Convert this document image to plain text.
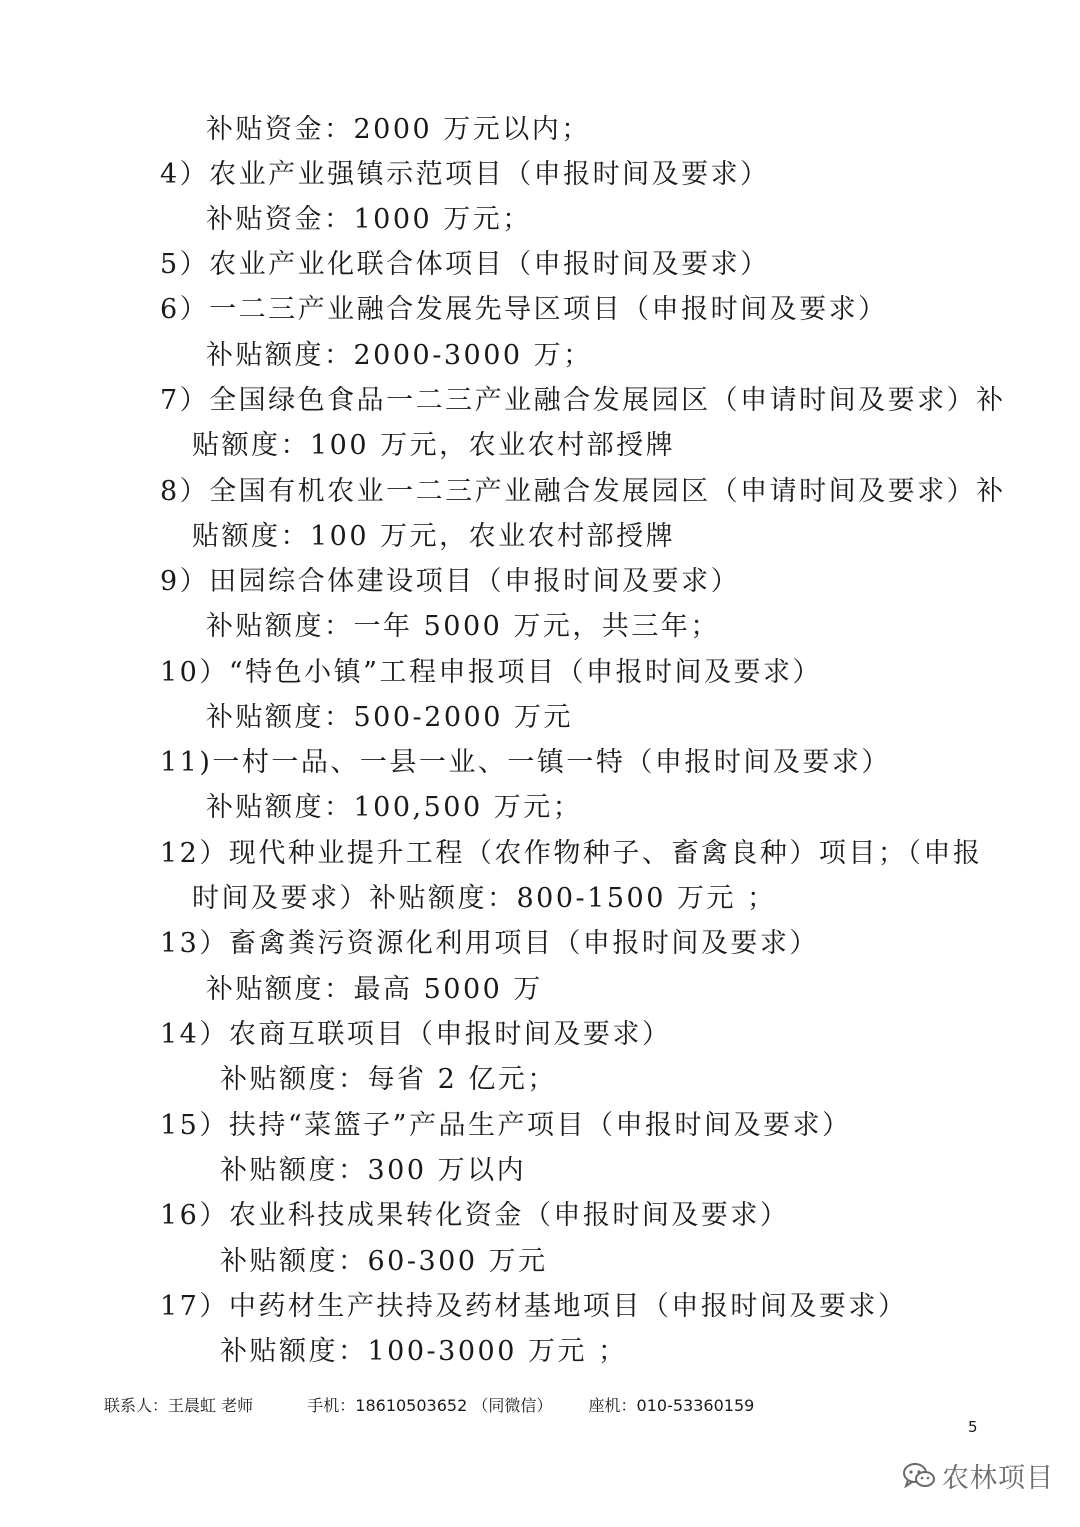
补贴资金：2000 万元以内；
4）农业产业强镇示范项目（申报时间及要求）
补贴资金：1000 万元；
5）农业产业化联合体项目（申报时间及要求）
6）一二三产业融合发展先导区项目（申报时间及要求）
补贴额度：2000-3000 万；
7）全国绿色食品一二三产业融合发展园区（申请时间及要求）补
贴额度：100 万元，农业农村部授牌
8）全国有机农业一二三产业融合发展园区（申请时间及要求）补
贴额度：100 万元，农业农村部授牌
9）田园综合体建设项目（申报时间及要求）
补贴额度：一年 5000 万元，共三年；
10）“特色小镇”工程申报项目（申报时间及要求）
补贴额度：500-2000 万元
11)一村一品、一县一业、一镇一特（申报时间及要求）
补贴额度：100,500 万元；
12）现代种业提升工程（农作物种子、畜禽良种）项目；（申报
时间及要求）补贴额度：800-1500 万元 ；
13）畜禽粪污资源化利用项目（申报时间及要求）
补贴额度：最高 5000 万
14）农商互联项目（申报时间及要求）
补贴额度：每省 2 亿元；
15）扶持“菜篮子”产品生产项目（申报时间及要求）
补贴额度：300 万以内
16）农业科技成果转化资金（申报时间及要求）
补贴额度：60-300 万元
17）中药材生产扶持及药材基地项目（申报时间及要求）
补贴额度：100-3000 万元 ；
联系人：王晨虹 老师	手机：18610503652 （同微信） 座机：010-53360159
5
农林项目
